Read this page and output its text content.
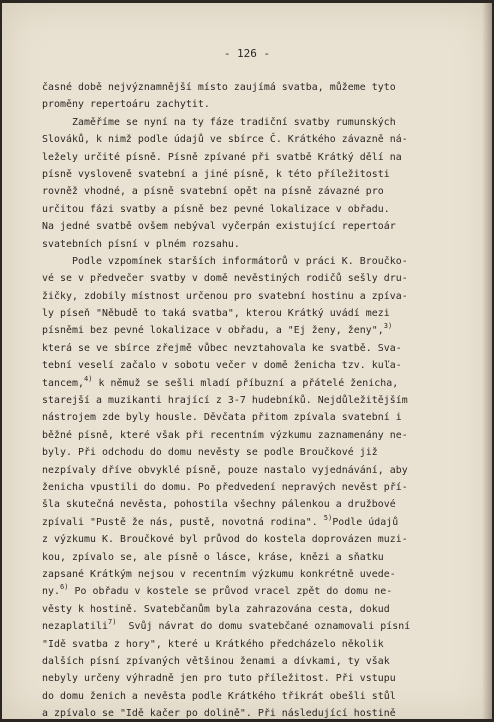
- 126 -
časné době nejvýznamnější místo zaujímá svatba, můžeme tyto
proměny repertoáru zachytit.
Zaměříme se nyní na ty fáze tradiční svatby rumunských
Slováků, k nimž podle údajů ve sbírce Č. Krátkého závazně ná-
ležely určité písně. Písně zpívané při svatbě Krátký dělí na
písně vysloveně svatební a jiné písně, k této příležitosti
rovněž vhodné, a písně svatební opět na písně závazné pro
určitou fázi svatby a písně bez pevné lokalizace v obřadu.
Na jedné svatbě ovšem nebýval vyčerpán existující repertoár
svatebních písní v plném rozsahu.
Podle vzpomínek starších informátorů v práci K. Broučko-
vé se v předvečer svatby v domě nevěstiných rodičů sešly dru-
žičky, zdobily místnost určenou pro svatební hostinu a zpíva-
ly píseň "Něbudě to taká svatba", kterou Krátký uvádí mezi
písněmi bez pevné lokalizace v obřadu, a "Ej ženy, ženy",$^{3)}$
která se ve sbírce zřejmě vůbec nevztahovala ke svatbě. Sva-
tební veselí začalo v sobotu večer v domě ženicha tzv. kuľa-
tancem,$^{4)}$ k němuž se sešli mladí příbuzní a přátelé ženicha,
starejší a muzikanti hrající z 3-7 hudebníků. Nejdůležitějším
nástrojem zde byly housle. Děvčata přitom zpívala svatební i
běžné písně, které však při recentním výzkumu zaznamenány ne-
byly. Při odchodu do domu nevěsty se podle Broučkové již
nezpívaly dříve obvyklé písně, pouze nastalo vyjednávání, aby
ženicha vpustili do domu. Po předvedení nepravých nevěst pří-
šla skutečná nevěsta, pohostila všechny pálenkou a družbové
zpívali "Pustě že nás, pustě, novotná rodina". $^{5)}$Podle údajů
z výzkumu K. Broučkové byl průvod do kostela doprovázen muzi-
kou, zpívalo se, ale písně o lásce, kráse, knězi a sňatku
zapsané Krátkým nejsou v recentním výzkumu konkrétně uvede-
ny.$^{6)}$ Po obřadu v kostele se průvod vracel zpět do domu ne-
věsty k hostině. Svatebčanům byla zahrazována cesta, dokud
nezaplatili$^{7)}$  Svůj návrat do domu svatebčané oznamovali písní
"Idě svatba z hory", které u Krátkého předcházelo několik
dalších písní zpívaných většinou ženami a dívkami, ty však
nebyly určeny výhradně jen pro tuto příležitost. Při vstupu
do domu ženich a nevěsta podle Krátkého třikrát obešli stůl
a zpívalo se "Idě kačer po dolině". Při následující hostině
